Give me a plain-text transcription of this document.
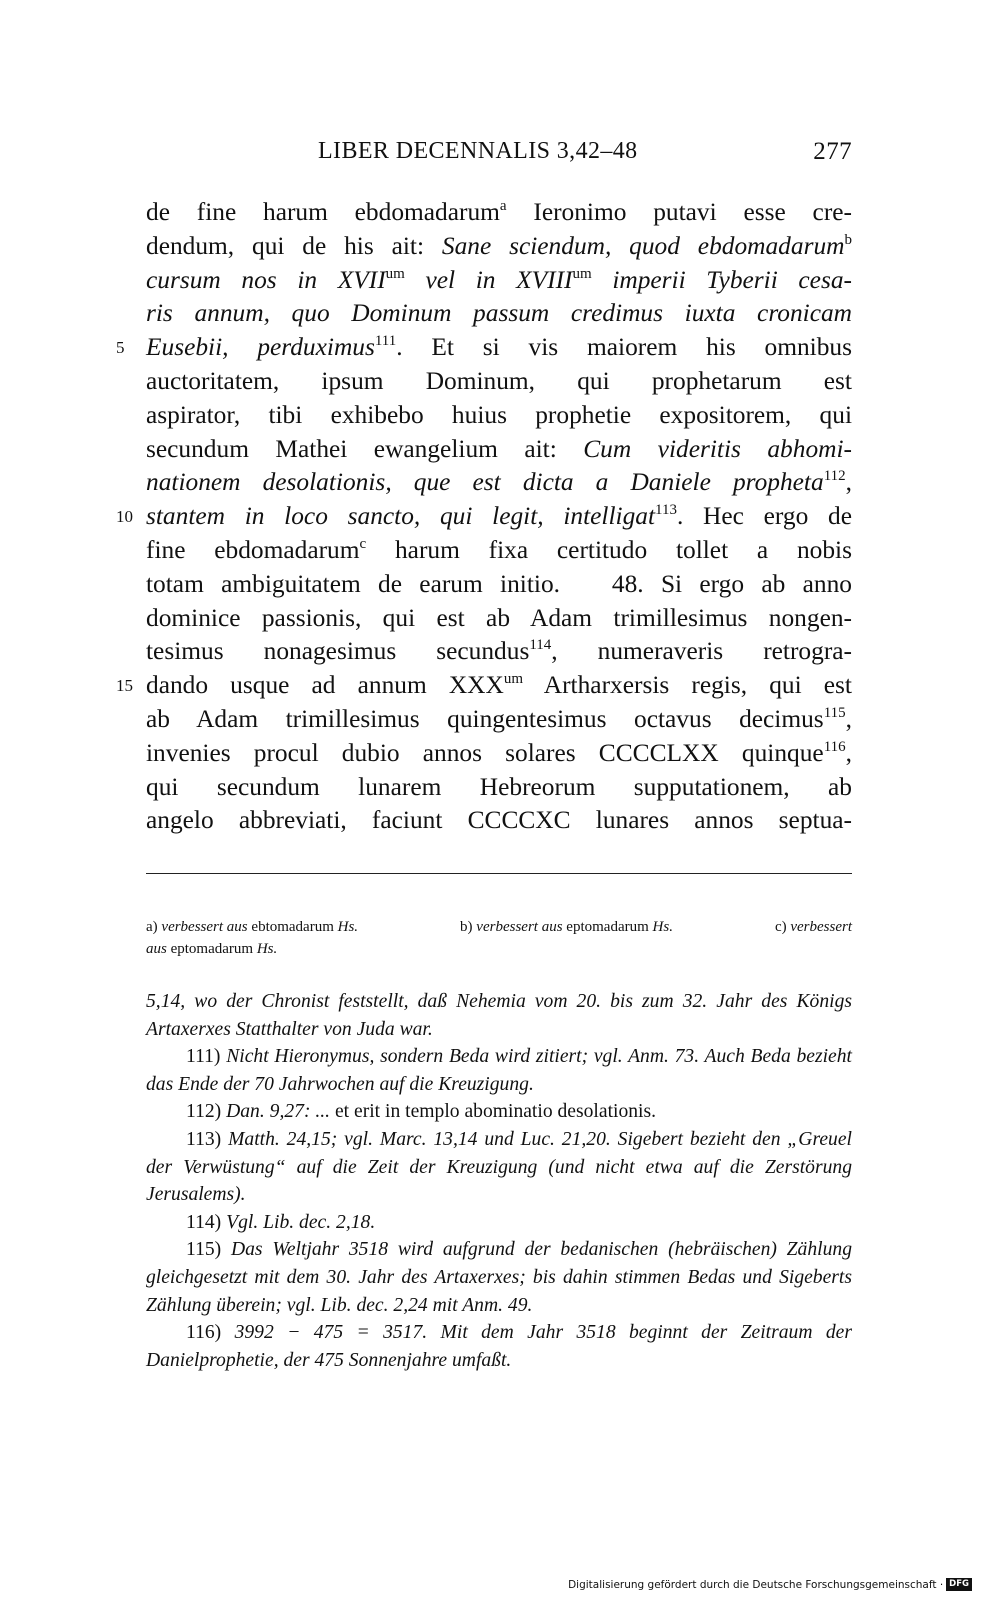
LIBER DECENNALIS 3,42–48	277
de fine harum ebdomadarum$^a$ Ieronimo putavi esse cre-
dendum, qui de his ait: Sane sciendum, quod ebdomadarum$^b$
cursum nos in $XVII^{um}$ vel in $XVIII^{um}$ imperii Tyberii cesa-
ris annum, quo Dominum passum credimus iuxta cronicam
5 Eusebii, perduximus$^{111}$. Et si vis maiorem his omnibus
auctoritatem, ipsum Dominum, qui prophetarum est
aspirator, tibi exhibebo huius prophetie expositorem, qui
secundum Mathei ewangelium ait: Cum videritis abhomi-
nationem desolationis, que est dicta a Daniele propheta$^{112}$,
10 stantem in loco sancto, qui legit, intelligat$^{113}$. Hec ergo de
fine ebdomadarum$^c$ harum fixa certitudo tollet a nobis
totam ambiguitatem de earum initio.   48. Si ergo ab anno
dominice passionis, qui est ab Adam trimillesimus nongen-
tesimus nonagesimus secundus$^{114}$, numeraveris retrogra-
15 dando usque ad annum $XXX^{um}$ Artharxersis regis, qui est
ab Adam trimillesimus quingentesimus octavus decimus$^{115}$,
invenies procul dubio annos solares CCCCLXX quinque$^{116}$,
qui secundum lunarem Hebreorum supputationem, ab
angelo abbreviati, faciunt CCCCXC lunares annos septua-
a) verbessert aus ebtomadarum Hs.	b) verbessert aus eptomadarum Hs.	c) verbessert
aus eptomadarum Hs.
5,14, wo der Chronist feststellt, daß Nehemia vom 20. bis zum 32. Jahr des Königs Artaxerxes Statthalter von Juda war.
111) Nicht Hieronymus, sondern Beda wird zitiert; vgl. Anm. 73. Auch Beda bezieht das Ende der 70 Jahrwochen auf die Kreuzigung.
112) Dan. 9,27: ... et erit in templo abominatio desolationis.
113) Matth. 24,15; vgl. Marc. 13,14 und Luc. 21,20. Sigebert bezieht den „Greuel der Verwüstung“ auf die Zeit der Kreuzigung (und nicht etwa auf die Zerstörung Jerusalems).
114) Vgl. Lib. dec. 2,18.
115) Das Weltjahr 3518 wird aufgrund der bedanischen (hebräischen) Zählung gleichgesetzt mit dem 30. Jahr des Artaxerxes; bis dahin stimmen Bedas und Sigeberts Zählung überein; vgl. Lib. dec. 2,24 mit Anm. 49.
116) 3992 − 475 = 3517. Mit dem Jahr 3518 beginnt der Zeitraum der Danielprophetie, der 475 Sonnenjahre umfaßt.
Digitalisierung gefördert durch die Deutsche Forschungsgemeinschaft · DFG
